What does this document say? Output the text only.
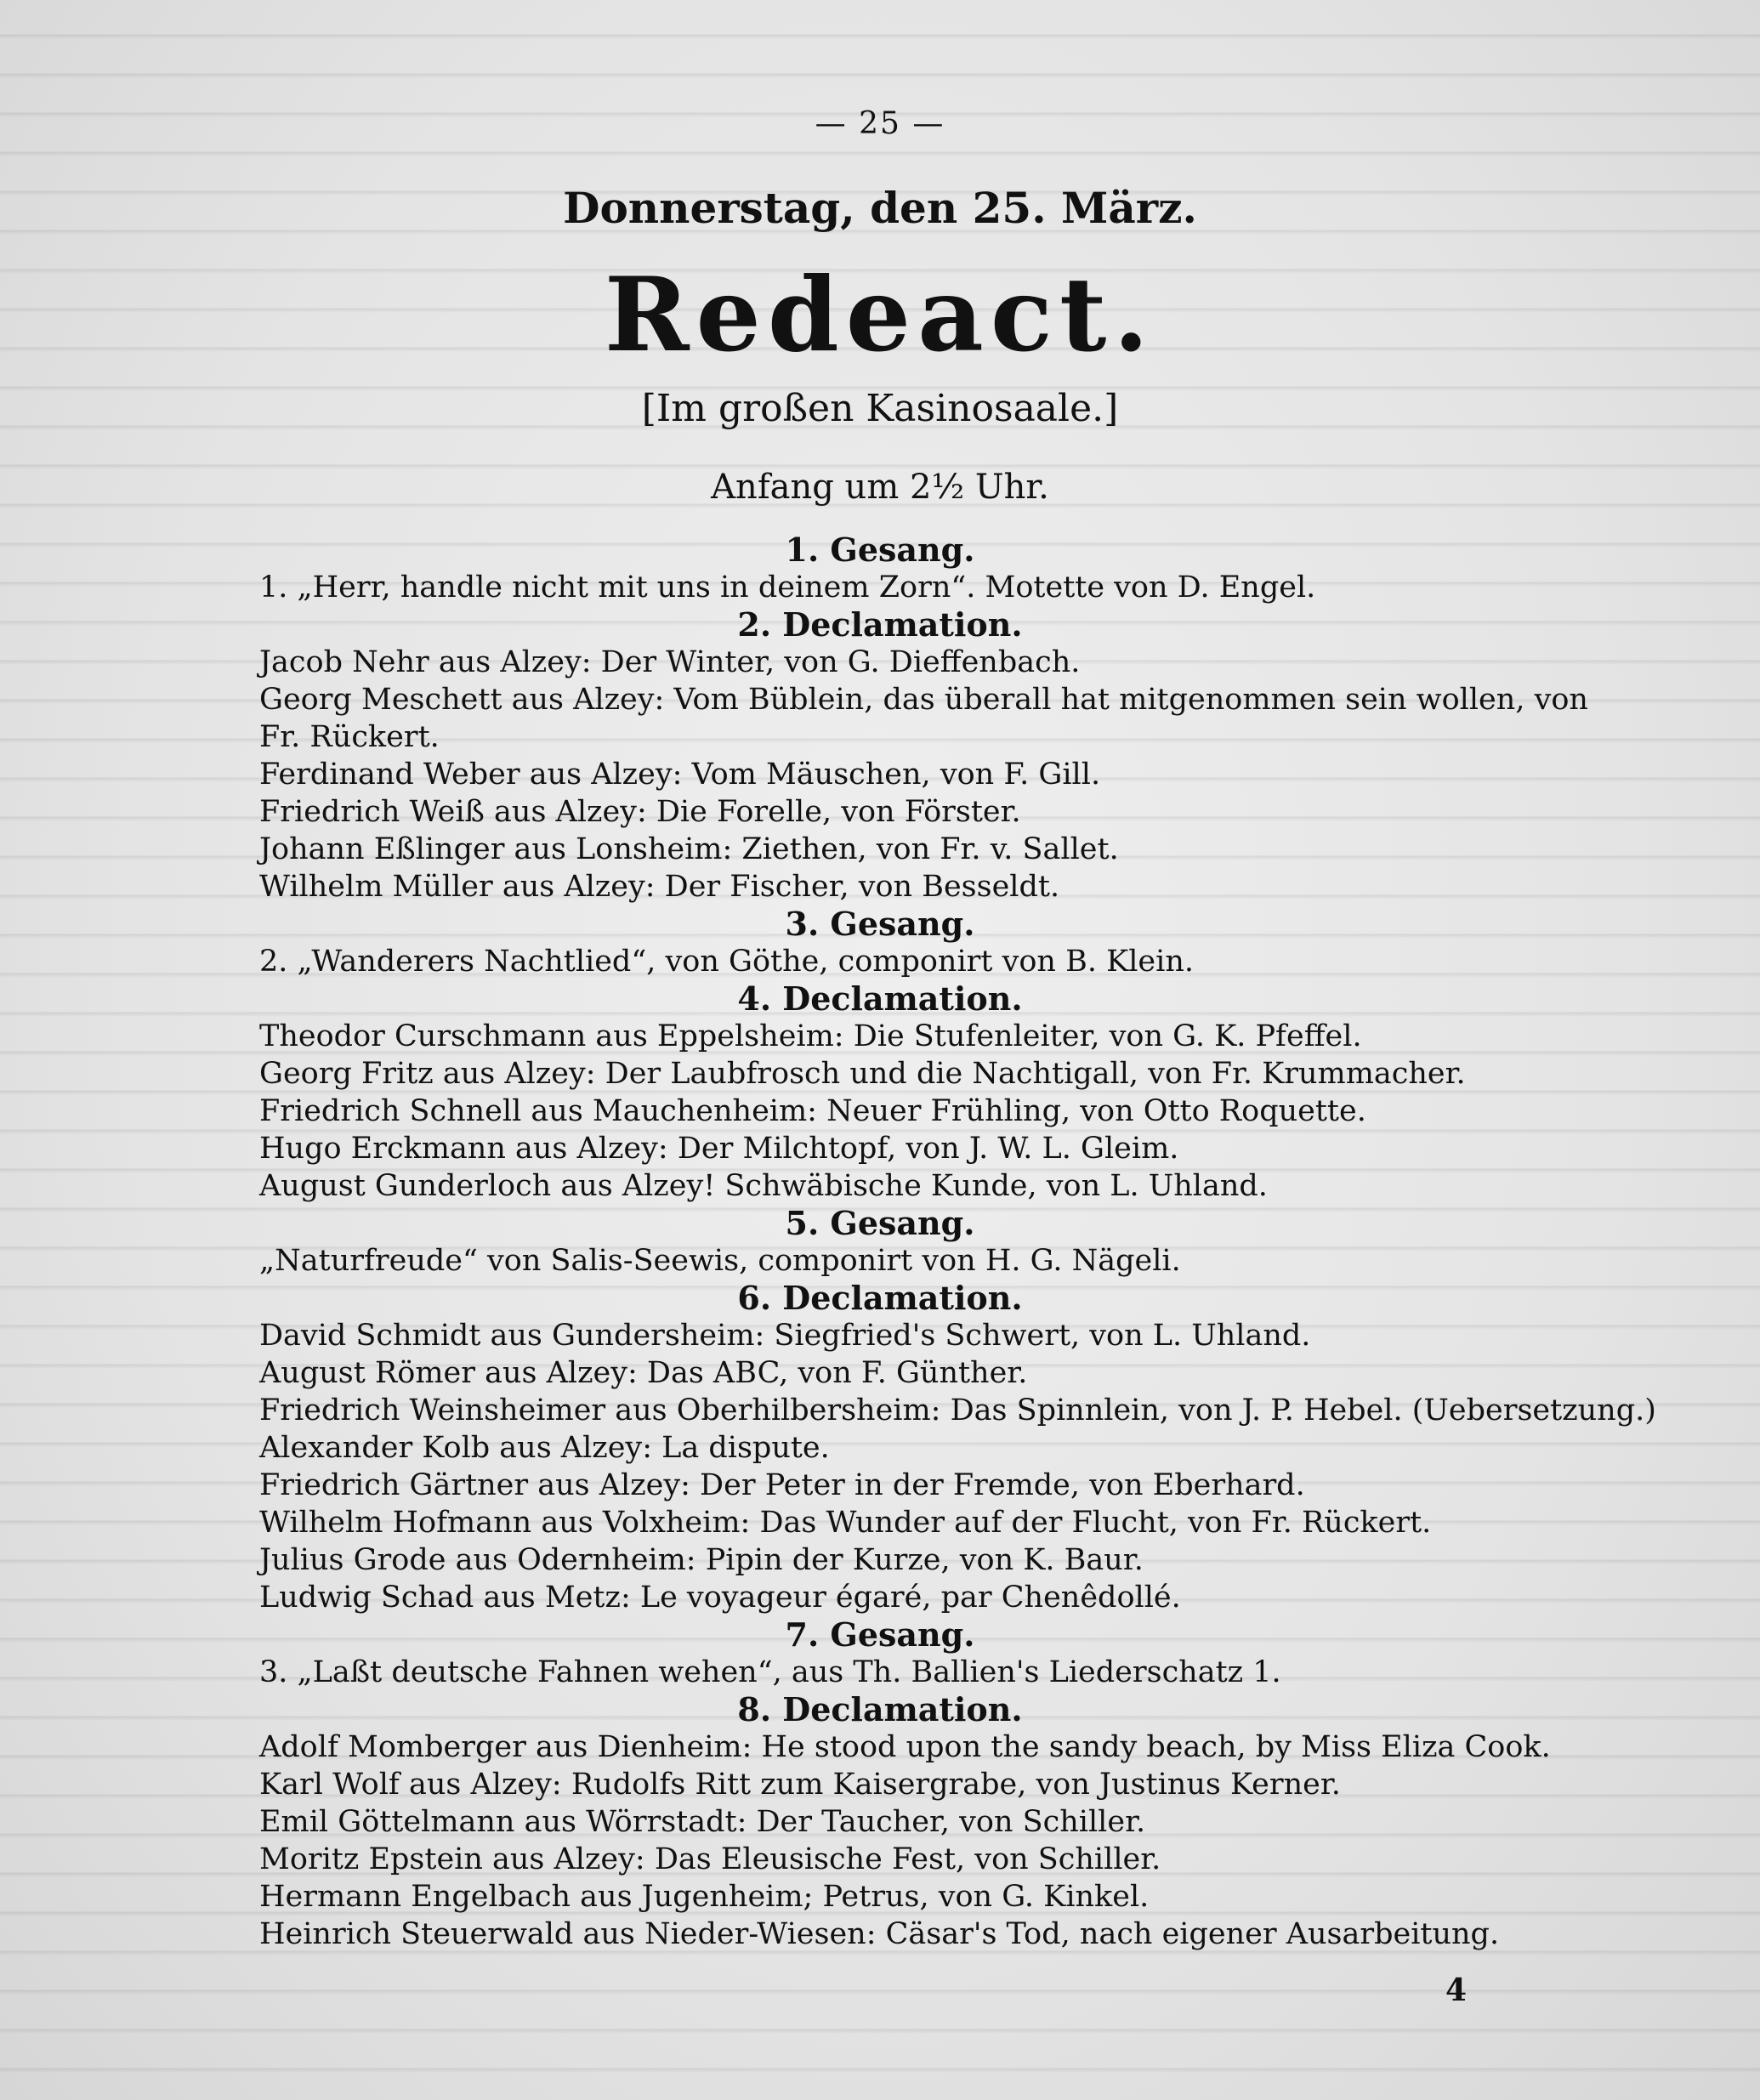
— 25 —
Donnerstag, den 25. März.
Redeact.
[Im großen Kasinosaale.]
Anfang um 2½ Uhr.
1. Gesang.
1. „Herr, handle nicht mit uns in deinem Zorn“. Motette von D. Engel.
2. Declamation.
Jacob Nehr aus Alzey: Der Winter, von G. Dieffenbach.
Georg Meschett aus Alzey: Vom Büblein, das überall hat mitgenommen sein wollen, von
Fr. Rückert.
Ferdinand Weber aus Alzey: Vom Mäuschen, von F. Gill.
Friedrich Weiß aus Alzey: Die Forelle, von Förster.
Johann Eßlinger aus Lonsheim: Ziethen, von Fr. v. Sallet.
Wilhelm Müller aus Alzey: Der Fischer, von Besseldt.
3. Gesang.
2. „Wanderers Nachtlied“, von Göthe, componirt von B. Klein.
4. Declamation.
Theodor Curschmann aus Eppelsheim: Die Stufenleiter, von G. K. Pfeffel.
Georg Fritz aus Alzey: Der Laubfrosch und die Nachtigall, von Fr. Krummacher.
Friedrich Schnell aus Mauchenheim: Neuer Frühling, von Otto Roquette.
Hugo Erckmann aus Alzey: Der Milchtopf, von J. W. L. Gleim.
August Gunderloch aus Alzey! Schwäbische Kunde, von L. Uhland.
5. Gesang.
„Naturfreude“ von Salis-Seewis, componirt von H. G. Nägeli.
6. Declamation.
David Schmidt aus Gundersheim: Siegfried's Schwert, von L. Uhland.
August Römer aus Alzey: Das ABC, von F. Günther.
Friedrich Weinsheimer aus Oberhilbersheim: Das Spinnlein, von J. P. Hebel. (Uebersetzung.)
Alexander Kolb aus Alzey: La dispute.
Friedrich Gärtner aus Alzey: Der Peter in der Fremde, von Eberhard.
Wilhelm Hofmann aus Volxheim: Das Wunder auf der Flucht, von Fr. Rückert.
Julius Grode aus Odernheim: Pipin der Kurze, von K. Baur.
Ludwig Schad aus Metz: Le voyageur égaré, par Chenêdollé.
7. Gesang.
3. „Laßt deutsche Fahnen wehen“, aus Th. Ballien's Liederschatz 1.
8. Declamation.
Adolf Momberger aus Dienheim: He stood upon the sandy beach, by Miss Eliza Cook.
Karl Wolf aus Alzey: Rudolfs Ritt zum Kaisergrabe, von Justinus Kerner.
Emil Göttelmann aus Wörrstadt: Der Taucher, von Schiller.
Moritz Epstein aus Alzey: Das Eleusische Fest, von Schiller.
Hermann Engelbach aus Jugenheim; Petrus, von G. Kinkel.
Heinrich Steuerwald aus Nieder-Wiesen: Cäsar's Tod, nach eigener Ausarbeitung.
4
